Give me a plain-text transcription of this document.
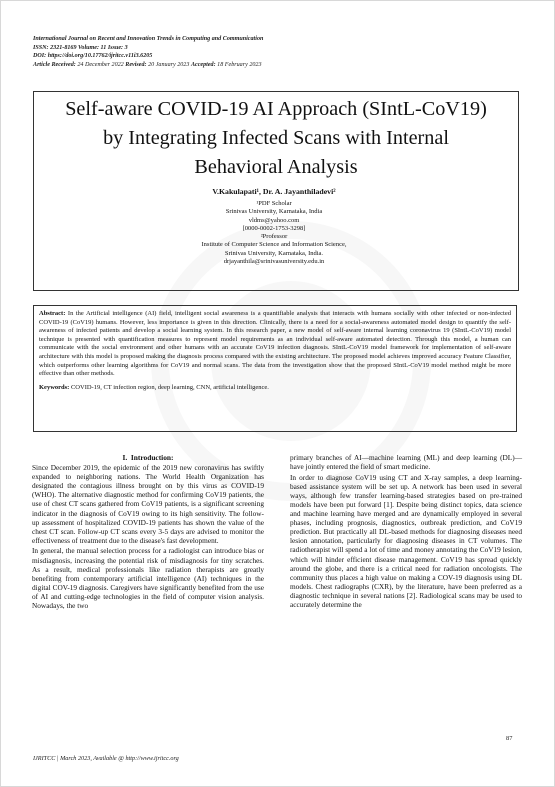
International Journal on Recent and Innovation Trends in Computing and Communication
ISSN: 2321-8169 Volume: 11 Issue: 3
DOI: https://doi.org/10.17762/ijritcc.v11i3.6205
Article Received: 24 December 2022 Revised: 20 January 2023 Accepted: 18 February 2023
Self-aware COVID-19 AI Approach (SIntL-CoV19)
by Integrating Infected Scans with Internal
Behavioral Analysis
V.Kakulapati¹, Dr. A. Jayanthiladevi²
¹PDF Scholar
Srinivas University, Karnataka, India
vldms@yahoo.com
[0000-0002-1753-3298]
²Professor
Institute of Computer Science and Information Science,
Srinivas University, Karnataka, India.
drjayanthila@srinivasuniversity.edu.in
Abstract: In the Artificial intelligence (AI) field, intelligent social awareness is a quantifiable analysis that interacts with humans socially with other infected or non-infected COVID-19 (CoV19) humans. However, less importance is given in this direction. Clinically, there is a need for a social-awareness automated model design to quantify the self-awareness of infected patients and develop a social learning system. In this research paper, a new model of self-aware internal learning coronavirus 19 (SIntL-CoV19) model technique is presented with quantification measures to represent model requirements as an individual self-aware automated detection. Through this model, a human can communicate with the social environment and other humans with an accurate CoV19 infection diagnosis. SIntL-CoV19 model framework for implementation of self-aware architecture with this model is proposed making the diagnosis process compared with the existing architecture. The proposed model achieves improved accuracy Feature Classifier, which outperforms other learning algorithms for CoV19 and normal scans. The data from the investigation show that the proposed SIntL-CoV19 model method might be more effective than other methods.
Keywords: COVID-19, CT infection region, deep learning, CNN, artificial intelligence.
I.  Introduction:

Since December 2019, the epidemic of the 2019 new coronavirus has swiftly expanded to neighboring nations. The World Health Organization has designated the contagious illness brought on by this virus as COVID-19 (WHO). The alternative diagnostic method for confirming CoV19 patients, the use of chest CT scans gathered from CoV19 patients, is a significant screening indicator in the diagnosis of CoV19 owing to its high sensitivity. The follow-up assessment of hospitalized COVID-19 patients has shown the value of the chest CT scan. Follow-up CT scans every 3-5 days are advised to monitor the effectiveness of treatment due to the disease's fast development.

In general, the manual selection process for a radiologist can introduce bias or misdiagnosis, increasing the potential risk of misdiagnosis for tiny scratches. As a result, medical professionals like radiation therapists are greatly benefiting from contemporary artificial intelligence (AI) techniques in the digital COV-19 diagnosis. Caregivers have significantly benefited from the use of AI and cutting-edge technologies in the field of computer vision analysis. Nowadays, the two

primary branches of AI—machine learning (ML) and deep learning (DL)—have jointly entered the field of smart medicine.

In order to diagnose CoV19 using CT and X-ray samples, a deep learning-based assistance system will be set up. A network has been used in several ways, although few transfer learning-based strategies based on pre-trained models have been put forward [1]. Despite being distinct topics, data science and machine learning have merged and are dynamically employed in several phases, including prognosis, diagnostics, outbreak prediction, and CoV19 prediction. But practically all DL-based methods for diagnosing diseases need lesion annotation, particularly for diagnosing diseases in CT volumes. The radiotherapist will spend a lot of time and money annotating the CoV19 lesion, which will hinder efficient disease management. CoV19 has spread quickly around the globe, and there is a critical need for radiation oncologists. The community thus places a high value on making a COV-19 diagnosis using DL models. Chest radiographs (CXR), by the literature, have been preferred as a diagnostic technique in several nations [2]. Radiological scans may be used to accurately determine the

87
IJRITCC | March 2023, Available @ http://www.ijritcc.org
